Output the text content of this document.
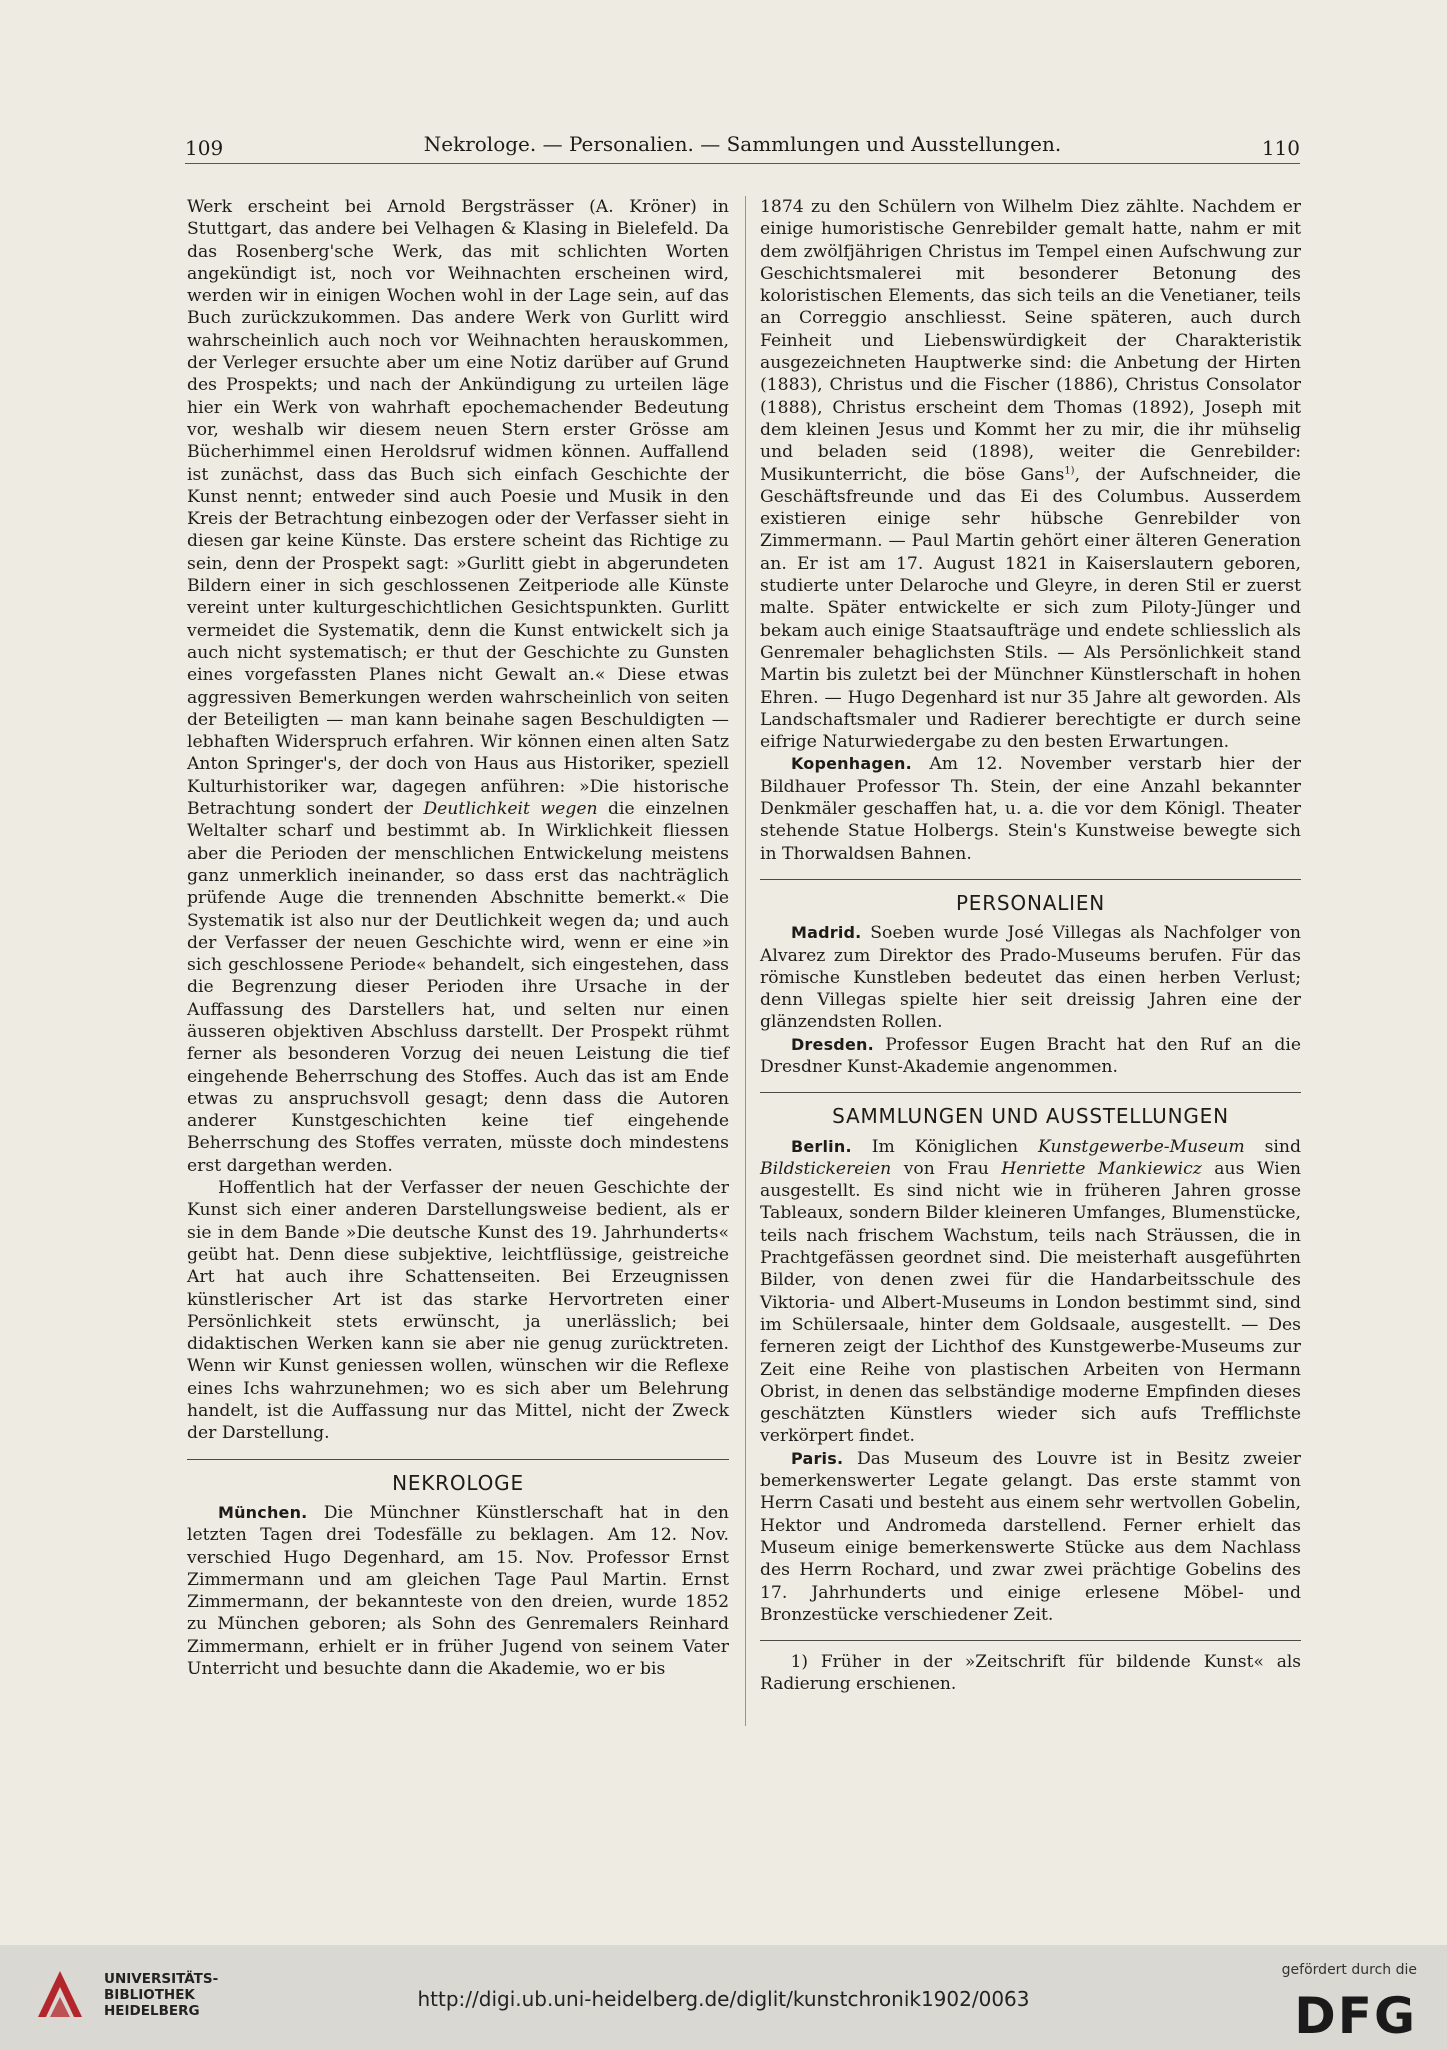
109	Nekrologe. — Personalien. — Sammlungen und Ausstellungen.	110

Werk erscheint bei Arnold Bergsträsser (A. Kröner) in Stuttgart, das andere bei Velhagen & Klasing in Bielefeld. Da das Rosenberg'sche Werk, das mit schlichten Worten angekündigt ist, noch vor Weihnachten erscheinen wird, werden wir in einigen Wochen wohl in der Lage sein, auf das Buch zurückzukommen. Das andere Werk von Gurlitt wird wahrscheinlich auch noch vor Weihnachten herauskommen, der Verleger ersuchte aber um eine Notiz darüber auf Grund des Prospekts; und nach der Ankündigung zu urteilen läge hier ein Werk von wahrhaft epochemachender Bedeutung vor, weshalb wir diesem neuen Stern erster Grösse am Bücherhimmel einen Heroldsruf widmen können. Auffallend ist zunächst, dass das Buch sich einfach Geschichte der Kunst nennt; entweder sind auch Poesie und Musik in den Kreis der Betrachtung einbezogen oder der Verfasser sieht in diesen gar keine Künste. Das erstere scheint das Richtige zu sein, denn der Prospekt sagt: »Gurlitt giebt in abgerundeten Bildern einer in sich geschlossenen Zeitperiode alle Künste vereint unter kulturgeschichtlichen Gesichtspunkten. Gurlitt vermeidet die Systematik, denn die Kunst entwickelt sich ja auch nicht systematisch; er thut der Geschichte zu Gunsten eines vorgefassten Planes nicht Gewalt an.« Diese etwas aggressiven Bemerkungen werden wahrscheinlich von seiten der Beteiligten — man kann beinahe sagen Beschuldigten — lebhaften Widerspruch erfahren. Wir können einen alten Satz Anton Springer's, der doch von Haus aus Historiker, speziell Kulturhistoriker war, dagegen anführen: »Die historische Betrachtung sondert der Deutlichkeit wegen die einzelnen Weltalter scharf und bestimmt ab. In Wirklichkeit fliessen aber die Perioden der menschlichen Entwickelung meistens ganz unmerklich ineinander, so dass erst das nachträglich prüfende Auge die trennenden Abschnitte bemerkt.« Die Systematik ist also nur der Deutlichkeit wegen da; und auch der Verfasser der neuen Geschichte wird, wenn er eine »in sich geschlossene Periode« behandelt, sich eingestehen, dass die Begrenzung dieser Perioden ihre Ursache in der Auffassung des Darstellers hat, und selten nur einen äusseren objektiven Abschluss darstellt. Der Prospekt rühmt ferner als besonderen Vorzug dei neuen Leistung die tief eingehende Beherrschung des Stoffes. Auch das ist am Ende etwas zu anspruchsvoll gesagt; denn dass die Autoren anderer Kunstgeschichten keine tief eingehende Beherrschung des Stoffes verraten, müsste doch mindestens erst dargethan werden.

Hoffentlich hat der Verfasser der neuen Geschichte der Kunst sich einer anderen Darstellungsweise bedient, als er sie in dem Bande »Die deutsche Kunst des 19. Jahrhunderts« geübt hat. Denn diese subjektive, leichtflüssige, geistreiche Art hat auch ihre Schattenseiten. Bei Erzeugnissen künstlerischer Art ist das starke Hervortreten einer Persönlichkeit stets erwünscht, ja unerlässlich; bei didaktischen Werken kann sie aber nie genug zurücktreten. Wenn wir Kunst geniessen wollen, wünschen wir die Reflexe eines Ichs wahrzunehmen; wo es sich aber um Belehrung handelt, ist die Auffassung nur das Mittel, nicht der Zweck der Darstellung.

NEKROLOGE

München. Die Münchner Künstlerschaft hat in den letzten Tagen drei Todesfälle zu beklagen. Am 12. Nov. verschied Hugo Degenhard, am 15. Nov. Professor Ernst Zimmermann und am gleichen Tage Paul Martin. Ernst Zimmermann, der bekannteste von den dreien, wurde 1852 zu München geboren; als Sohn des Genremalers Reinhard Zimmermann, erhielt er in früher Jugend von seinem Vater Unterricht und besuchte dann die Akademie, wo er bis

1874 zu den Schülern von Wilhelm Diez zählte. Nachdem er einige humoristische Genrebilder gemalt hatte, nahm er mit dem zwölfjährigen Christus im Tempel einen Aufschwung zur Geschichtsmalerei mit besonderer Betonung des koloristischen Elements, das sich teils an die Venetianer, teils an Correggio anschliesst. Seine späteren, auch durch Feinheit und Liebenswürdigkeit der Charakteristik ausgezeichneten Hauptwerke sind: die Anbetung der Hirten (1883), Christus und die Fischer (1886), Christus Consolator (1888), Christus erscheint dem Thomas (1892), Joseph mit dem kleinen Jesus und Kommt her zu mir, die ihr mühselig und beladen seid (1898), weiter die Genrebilder: Musikunterricht, die böse Gans$^{1)}$, der Aufschneider, die Geschäftsfreunde und das Ei des Columbus. Ausserdem existieren einige sehr hübsche Genrebilder von Zimmermann. — Paul Martin gehört einer älteren Generation an. Er ist am 17. August 1821 in Kaiserslautern geboren, studierte unter Delaroche und Gleyre, in deren Stil er zuerst malte. Später entwickelte er sich zum Piloty-Jünger und bekam auch einige Staatsaufträge und endete schliesslich als Genremaler behaglichsten Stils. — Als Persönlichkeit stand Martin bis zuletzt bei der Münchner Künstlerschaft in hohen Ehren. — Hugo Degenhard ist nur 35 Jahre alt geworden. Als Landschaftsmaler und Radierer berechtigte er durch seine eifrige Naturwiedergabe zu den besten Erwartungen.

Kopenhagen. Am 12. November verstarb hier der Bildhauer Professor Th. Stein, der eine Anzahl bekannter Denkmäler geschaffen hat, u. a. die vor dem Königl. Theater stehende Statue Holbergs. Stein's Kunstweise bewegte sich in Thorwaldsen Bahnen.

PERSONALIEN

Madrid. Soeben wurde José Villegas als Nachfolger von Alvarez zum Direktor des Prado-Museums berufen. Für das römische Kunstleben bedeutet das einen herben Verlust; denn Villegas spielte hier seit dreissig Jahren eine der glänzendsten Rollen.

Dresden. Professor Eugen Bracht hat den Ruf an die Dresdner Kunst-Akademie angenommen.

SAMMLUNGEN UND AUSSTELLUNGEN

Berlin. Im Königlichen Kunstgewerbe-Museum sind Bildstickereien von Frau Henriette Mankiewicz aus Wien ausgestellt. Es sind nicht wie in früheren Jahren grosse Tableaux, sondern Bilder kleineren Umfanges, Blumenstücke, teils nach frischem Wachstum, teils nach Sträussen, die in Prachtgefässen geordnet sind. Die meisterhaft ausgeführten Bilder, von denen zwei für die Handarbeitsschule des Viktoria- und Albert-Museums in London bestimmt sind, sind im Schülersaale, hinter dem Goldsaale, ausgestellt. — Des ferneren zeigt der Lichthof des Kunstgewerbe-Museums zur Zeit eine Reihe von plastischen Arbeiten von Hermann Obrist, in denen das selbständige moderne Empfinden dieses geschätzten Künstlers wieder sich aufs Trefflichste verkörpert findet.

Paris. Das Museum des Louvre ist in Besitz zweier bemerkenswerter Legate gelangt. Das erste stammt von Herrn Casati und besteht aus einem sehr wertvollen Gobelin, Hektor und Andromeda darstellend. Ferner erhielt das Museum einige bemerkenswerte Stücke aus dem Nachlass des Herrn Rochard, und zwar zwei prächtige Gobelins des 17. Jahrhunderts und einige erlesene Möbel- und Bronzestücke verschiedener Zeit.

1) Früher in der »Zeitschrift für bildende Kunst« als Radierung erschienen.

UNIVERSITÄTS-
BIBLIOTHEK
HEIDELBERG	http://digi.ub.uni-heidelberg.de/diglit/kunstchronik1902/0063
gefördert durch die
DFG
